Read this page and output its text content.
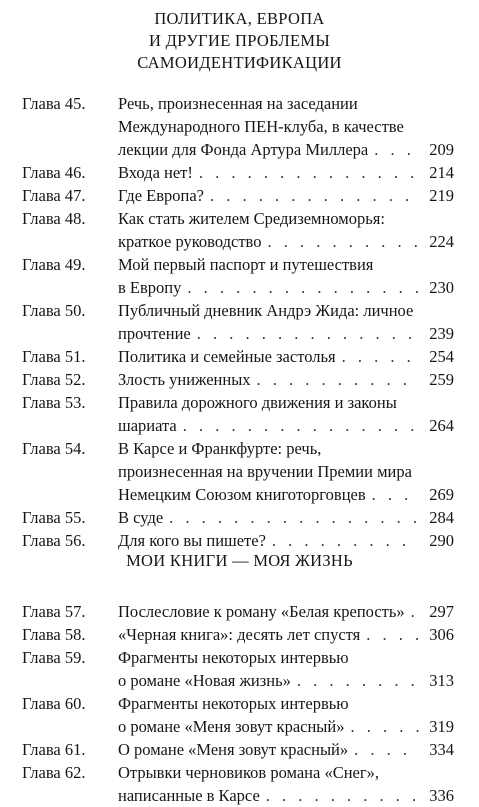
ПОЛИТИКА, ЕВРОПА
И ДРУГИЕ ПРОБЛЕМЫ
САМОИДЕНТИФИКАЦИИ
Глава 45.	Речь, произнесенная на заседании
Международного ПЕН-клуба, в качестве
лекции для Фонда Артура Миллера . . .	209
Глава 46.	Входа нет! . . .	214
Глава 47.	Где Европа? . . .	219
Глава 48.	Как стать жителем Средиземноморья:
краткое руководство . . .	224
Глава 49.	Мой первый паспорт и путешествия
в Европу . . .	230
Глава 50.	Публичный дневник Андрэ Жида: личное
прочтение . . .	239
Глава 51.	Политика и семейные застолья . . .	254
Глава 52.	Злость униженных . . .	259
Глава 53.	Правила дорожного движения и законы
шариата . . .	264
Глава 54.	В Карсе и Франкфурте: речь,
произнесенная на вручении Премии мира
Немецким Союзом книготорговцев . . .	269
Глава 55.	В суде . . .	284
Глава 56.	Для кого вы пишете? . . .	290
МОИ КНИГИ — МОЯ ЖИЗНЬ
Глава 57.	Послесловие к роману «Белая крепость» . . .	297
Глава 58.	«Черная книга»: десять лет спустя . . .	306
Глава 59.	Фрагменты некоторых интервью
о романе «Новая жизнь» . . .	313
Глава 60.	Фрагменты некоторых интервью
о романе «Меня зовут красный» . . .	319
Глава 61.	О романе «Меня зовут красный» . . .	334
Глава 62.	Отрывки черновиков романа «Снег»,
написанные в Карсе . . .	336
